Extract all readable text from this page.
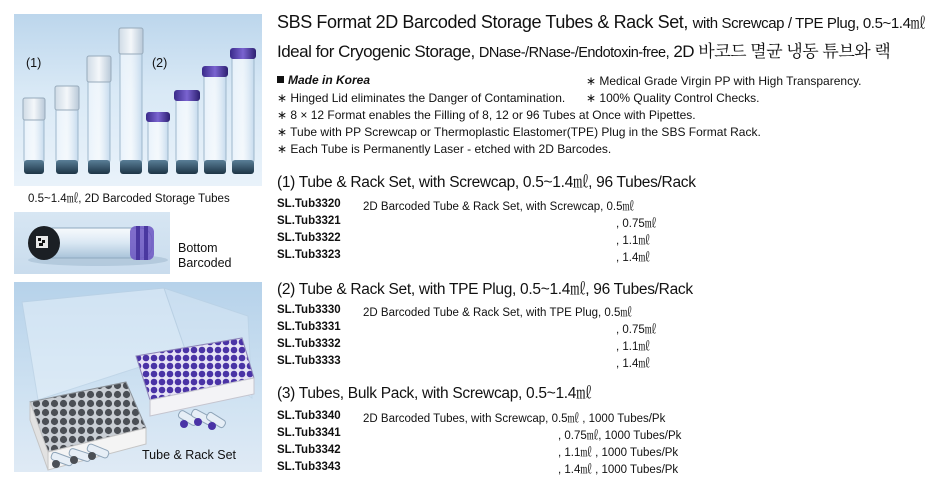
(1)	(2)
0.5~1.4㎖, 2D Barcoded Storage Tubes
Bottom
Barcoded
Tube & Rack Set
SBS Format 2D Barcoded Storage Tubes & Rack Set, with Screwcap / TPE Plug, 0.5~1.4㎖
Ideal for Cryogenic Storage, DNase-/RNase-/Endotoxin-free, 2D 바코드 멸균 냉동 튜브와 랙
Made in Korea	∗ Medical Grade Virgin PP with High Transparency.
∗ Hinged Lid eliminates the Danger of Contamination. ∗ 100% Quality Control Checks.
∗ 8 × 12 Format enables the Filling of 8, 12 or 96 Tubes at Once with Pipettes.
∗ Tube with PP Screwcap or Thermoplastic Elastomer(TPE) Plug in the SBS Format Rack.
∗ Each Tube is Permanently Laser - etched with 2D Barcodes.
(1) Tube & Rack Set, with Screwcap, 0.5~1.4㎖, 96 Tubes/Rack
SL.Tub3320 2D Barcoded Tube & Rack Set, with Screwcap, 0.5㎖
SL.Tub3321	, 0.75㎖
SL.Tub3322	, 1.1㎖
SL.Tub3323	, 1.4㎖
(2) Tube & Rack Set, with TPE Plug, 0.5~1.4㎖, 96 Tubes/Rack
SL.Tub3330 2D Barcoded Tube & Rack Set, with TPE Plug, 0.5㎖
SL.Tub3331	, 0.75㎖
SL.Tub3332	, 1.1㎖
SL.Tub3333	, 1.4㎖
(3) Tubes, Bulk Pack, with Screwcap, 0.5~1.4㎖
SL.Tub3340 2D Barcoded Tubes, with Screwcap, 0.5㎖ , 1000 Tubes/Pk
SL.Tub3341	, 0.75㎖, 1000 Tubes/Pk
SL.Tub3342	, 1.1㎖ , 1000 Tubes/Pk
SL.Tub3343	, 1.4㎖ , 1000 Tubes/Pk
